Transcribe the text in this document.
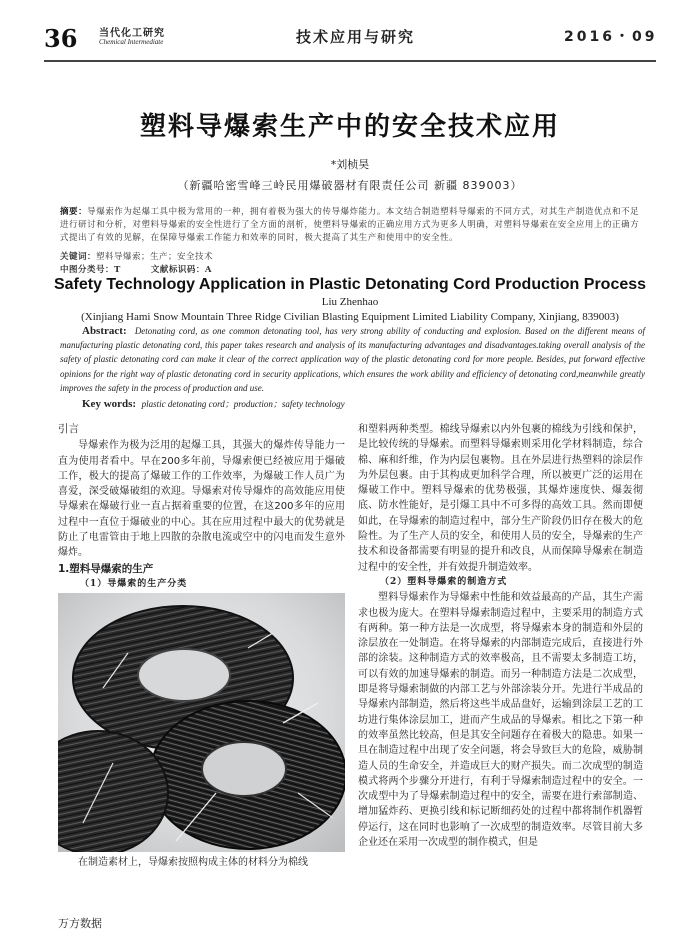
36 当代化工研究
Chemical Intermediate	技术应用与研究	2016・09
塑料导爆索生产中的安全技术应用
*刘桢昊
（新疆哈密雪峰三岭民用爆破器材有限责任公司 新疆 839003）
摘要：导爆索作为起爆工具中极为常用的一种，拥有着极为强大的传导爆炸能力。本文结合制造塑料导爆索的不同方式，对其生产制造优点和不足进行研讨和分析，对塑料导爆索的安全性进行了全方面的剖析，使塑料导爆索的正确应用方式为更多人明确，对塑料导爆索在安全应用上的正确方式提出了有效的见解，在保障导爆索工作能力和效率的同时，极大提高了其生产和使用中的安全性。
关键词：塑料导爆索；生产；安全技术
中图分类号：T	文献标识码：A
Safety Technology Application in Plastic Detonating Cord Production Process
Liu Zhenhao
(Xinjiang Hami Snow Mountain Three Ridge Civilian Blasting Equipment Limited Liability Company, Xinjiang, 839003)
Abstract:  Detonating cord, as one common detonating tool, has very strong ability of conducting and explosion. Based on the different means of manufacturing plastic detonating cord, this paper takes research and analysis of its manufacturing advantages and disadvantages.taking overall analysis of the safety of plastic detonating cord can make it clear of the correct application way of the plastic detonating cord for more people. Besides, put forward effective opinions for the right way of plastic detonating cord in security applications, which ensures the work ability and efficiency of detonating cord,meanwhile greatly improves the safety in the process of production and use.
Key words:  plastic detonating cord；production；safety technology
引言

导爆索作为极为泛用的起爆工具，其强大的爆炸传导能力一直为使用者看中。早在200多年前，导爆索便已经被应用于爆破工作，极大的提高了爆破工作的工作效率，为爆破工作人员广为喜爱，深受破爆破组的欢迎。导爆索对传导爆炸的高效能应用使导爆索在爆破行业一直占据着重要的位置，在这200多年的应用过程中一直位于爆破业的中心。其在应用过程中最大的优势就是防止了电雷管由于地上四散的杂散电流或空中的闪电而发生意外爆炸。

1.塑料导爆索的生产
（1）导爆索的生产分类

在制造素材上，导爆索按照构成主体的材料分为棉线

和塑料两种类型。棉线导爆索以内外包裹的棉线为引线和保护，是比较传统的导爆索。而塑料导爆索则采用化学材料制造，综合棉、麻和纤维，作为内层包裹物。且在外层进行热塑料的涂层作为外层包裹。由于其构成更加科学合理，所以被更广泛的运用在爆破工作中。塑料导爆索的优势极强，其爆炸速度快、爆轰彻底、防水性能好，是引爆工具中不可多得的高效工具。然而即便如此，在导爆索的制造过程中，部分生产阶段仍旧存在极大的危险性。为了生产人员的安全，和使用人员的安全，导爆索的生产技术和设备都需要有明显的提升和改良，从而保障导爆索在制造过程中的安全性，并有效提升制造效率。

（2）塑料导爆索的制造方式

塑料导爆索作为导爆索中性能和效益最高的产品，其生产需求也极为庞大。在塑料导爆索制造过程中，主要采用的制造方式有两种。第一种方法是一次成型，将导爆索本身的制造和外层的涂层放在一处制造。在将导爆索的内部制造完成后，直接进行外部的涂装。这种制造方式的效率极高，且不需要太多制造工坊，可以有效的加速导爆索的制造。而另一种制造方法是二次成型，即是将导爆索制做的内部工艺与外部涂装分开。先进行半成品的导爆索内部制造，然后将这些半成品盘好，运输到涂层工艺的工坊进行集体涂层加工，进而产生成品的导爆索。相比之下第一种的效率虽然比较高，但是其安全问题存在着极大的隐患。如果一旦在制造过程中出现了安全问题，将会导致巨大的危险，威胁制造人员的生命安全，并造成巨大的财产损失。而二次成型的制造模式将两个步骤分开进行，有利于导爆索制造过程中的安全。一次成型中为了导爆索制造过程中的安全，需要在进行索部制造、增加猛炸药、更换引线和标记断细药处的过程中都将制作机器暂停运行，这在同时也影响了一次成型的制造效率。尽管目前大多企业还在采用一次成型的制作模式，但是

万方数据
